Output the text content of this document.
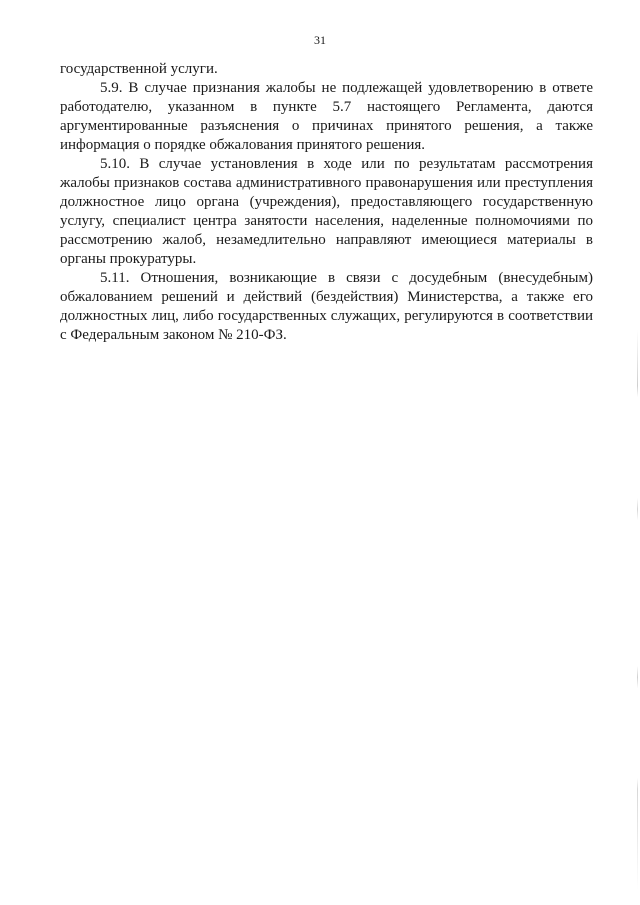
31

государственной услуги.

5.9. В случае признания жалобы не подлежащей удовлетворению в ответе работодателю, указанном в пункте 5.7 настоящего Регламента, даются аргументированные разъяснения о причинах принятого решения, а также информация о порядке обжалования принятого решения.

5.10. В случае установления в ходе или по результатам рассмотрения жалобы признаков состава административного правонарушения или преступления должностное лицо органа (учреждения), предоставляющего государственную услугу, специалист центра занятости населения, наделенные полномочиями по рассмотрению жалоб, незамедлительно направляют имеющиеся материалы в органы прокуратуры.

5.11. Отношения, возникающие в связи с досудебным (внесудебным) обжалованием решений и действий (бездействия) Министерства, а также его должностных лиц, либо государственных служащих, регулируются в соответствии с Федеральным законом № 210-ФЗ.
